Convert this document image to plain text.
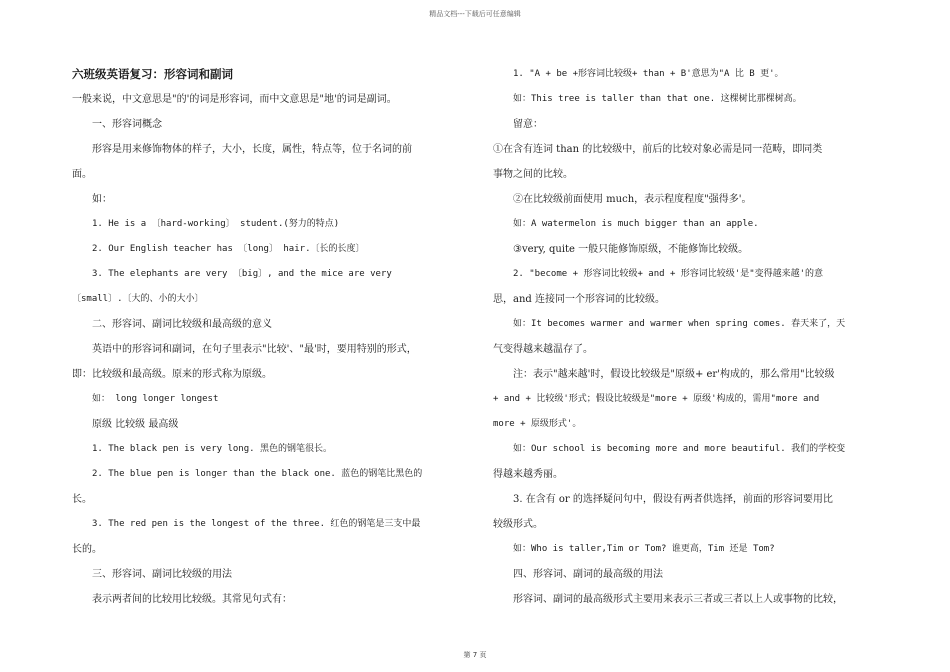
精品文档---下载后可任意编辑
六班级英语复习：形容词和副词
一般来说，中文意思是"的'的词是形容词，而中文意思是"地'的词是副词。
一、形容词概念
形容是用来修饰物体的样子，大小，长度，属性，特点等，位于名词的前
面。
如：
1. He is a 〔hard-working〕 student.(努力的特点)
2. Our English teacher has 〔long〕 hair.〔长的长度〕
3. The elephants are very 〔big〕, and the mice are very
〔small〕.〔大的、小的大小〕
二、形容词、副词比较级和最高级的意义
英语中的形容词和副词，在句子里表示"比较'、"最'时，要用特别的形式，
即：比较级和最高级。原来的形式称为原级。
如： long longer longest
原级 比较级 最高级
1. The black pen is very long. 黑色的钢笔很长。
2. The blue pen is longer than the black one. 蓝色的钢笔比黑色的
长。
3. The red pen is the longest of the three. 红色的钢笔是三支中最
长的。
三、形容词、副词比较级的用法
表示两者间的比较用比较级。其常见句式有：
1. "A + be +形容词比较级+ than + B'意思为"A 比 B 更'。
如：This tree is taller than that one. 这棵树比那棵树高。
留意：
①在含有连词 than 的比较级中，前后的比较对象必需是同一范畴，即同类
事物之间的比较。
②在比较级前面使用 much，表示程度程度"强得多'。
如：A watermelon is much bigger than an apple.
③very, quite 一般只能修饰原级，不能修饰比较级。
2. "become + 形容词比较级+ and + 形容词比较级'是"变得越来越'的意
思，and 连接同一个形容词的比较级。
如：It becomes warmer and warmer when spring comes. 春天来了，天
气变得越来越温存了。
注：表示"越来越'时，假设比较级是"原级+ er'构成的，那么常用"比较级
+ and + 比较级'形式；假设比较级是"more + 原级'构成的，需用"more and
more + 原级形式'。
如：Our school is becoming more and more beautiful. 我们的学校变
得越来越秀丽。
3. 在含有 or 的选择疑问句中，假设有两者供选择，前面的形容词要用比
较级形式。
如：Who is taller,Tim or Tom? 谁更高，Tim 还是 Tom?
四、形容词、副词的最高级的用法
形容词、副词的最高级形式主要用来表示三者或三者以上人或事物的比较，
第 7 页
